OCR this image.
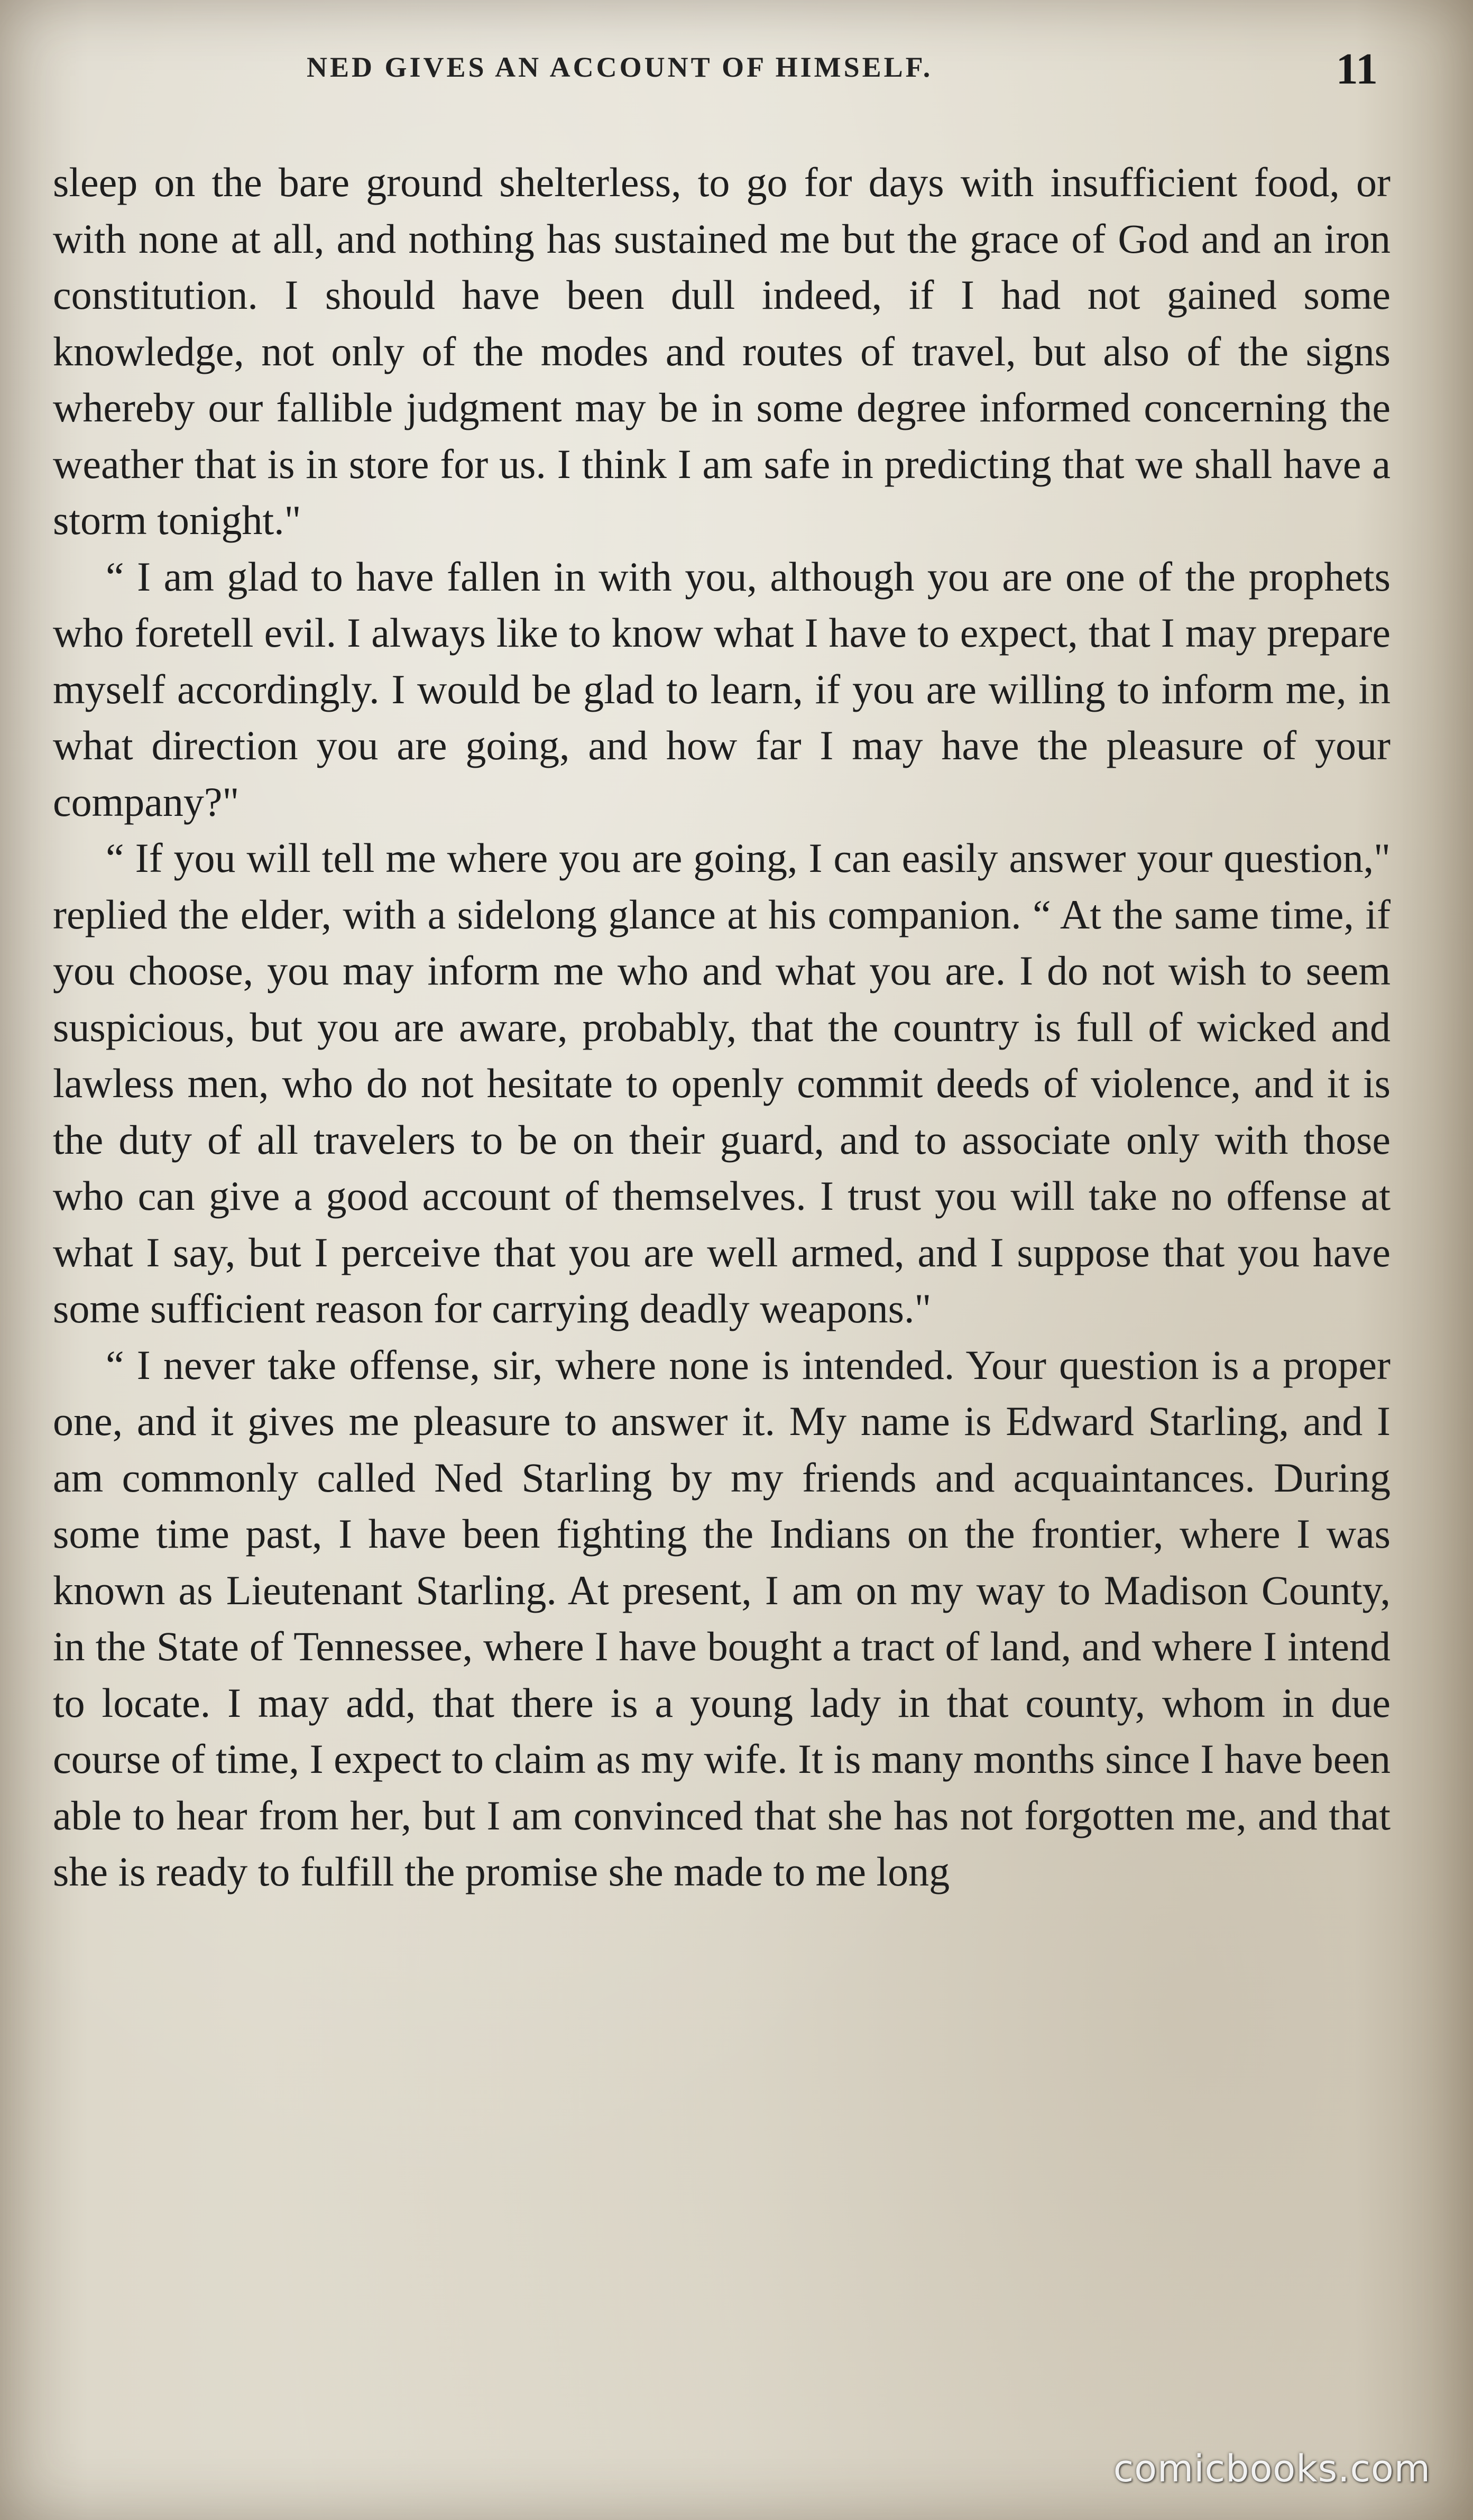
NED GIVES AN ACCOUNT OF HIMSELF.	11

sleep on the bare ground shelterless, to go for days with insufficient food, or with none at all, and nothing has sustained me but the grace of God and an iron constitution. I should have been dull indeed, if I had not gained some knowledge, not only of the modes and routes of travel, but also of the signs whereby our fallible judgment may be in some degree informed concerning the weather that is in store for us. I think I am safe in predicting that we shall have a storm tonight."

“ I am glad to have fallen in with you, although you are one of the prophets who foretell evil. I always like to know what I have to expect, that I may prepare myself accordingly. I would be glad to learn, if you are willing to inform me, in what direction you are going, and how far I may have the pleasure of your company?"

“ If you will tell me where you are going, I can easily answer your question," replied the elder, with a sidelong glance at his companion. “ At the same time, if you choose, you may inform me who and what you are. I do not wish to seem suspicious, but you are aware, probably, that the country is full of wicked and lawless men, who do not hesitate to openly commit deeds of violence, and it is the duty of all travelers to be on their guard, and to associate only with those who can give a good account of themselves. I trust you will take no offense at what I say, but I perceive that you are well armed, and I suppose that you have some sufficient reason for carrying deadly weapons."

“ I never take offense, sir, where none is intended. Your question is a proper one, and it gives me pleasure to answer it. My name is Edward Starling, and I am commonly called Ned Starling by my friends and acquaintances. During some time past, I have been fighting the Indians on the frontier, where I was known as Lieutenant Starling. At present, I am on my way to Madison County, in the State of Tennessee, where I have bought a tract of land, and where I intend to locate. I may add, that there is a young lady in that county, whom in due course of time, I expect to claim as my wife. It is many months since I have been able to hear from her, but I am convinced that she has not forgotten me, and that she is ready to fulfill the promise she made to me long

comicbooks.com
